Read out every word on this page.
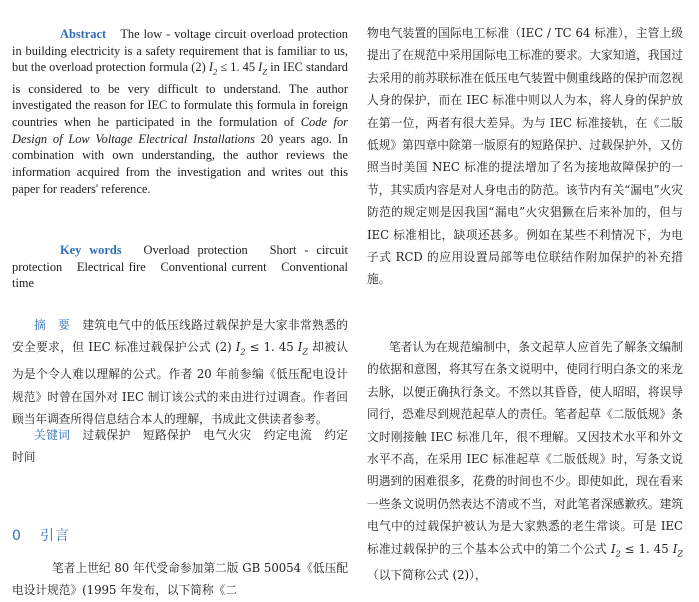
Abstract　 The low - voltage circuit overload protection in building electricity is a safety requirement that is familiar to us, but the overload protection formula (2) $I_2 \le 1$. 45 $I_Z$ in IEC standard is considered to be very difficult to understand. The author investigated the reason for IEC to formulate this formula in foreign countries when he participated in the formulation of Code for Design of Low Voltage Electrical Installations 20 years ago. In combination with own understanding, the author reviews the information acquired from the investigation and writes out this paper for readers' reference.

Key words　 Overload protection　Short - circuit protection　Electrical fire　Conventional current　Conventional time

摘　要　 建筑电气中的低压线路过载保护是大家非常熟悉的安全要求，但 IEC 标准过载保护公式 (2) $I_2 \le 1$. 45 $I_Z$ 却被认为是个令人难以理解的公式。作者 20 年前参编《低压配电设计规范》时曾在国外对 IEC 制订该公式的来由进行过调查。作者回顾当年调查所得信息结合本人的理解，书成此文供读者参考。

关键词　 过载保护　短路保护　电气火灾　约定电流　约定时间

0 引言

笔者上世纪 80 年代受命参加第二版 GB 50054《低压配电设计规范》(1995 年发布，以下简称《二

物电气装置的国际电工标准（IEC / TC 64 标准），主管上级提出了在规范中采用国际电工标准的要求。大家知道，我国过去采用的前苏联标准在低压电气装置中侧重线路的保护而忽视人身的保护，而在 IEC 标准中则以人为本，将人身的保护放在第一位，两者有很大差异。为与 IEC 标准接轨，在《二版低规》第四章中除第一版原有的短路保护、过载保护外，又仿照当时美国 NEC 标准的提法增加了名为接地故障保护的一节，其实质内容是对人身电击的防范。该节内有关“漏电”火灾防范的规定则是因我国“漏电”火灾猖獗在后来补加的，但与 IEC 标准相比，缺项还甚多。例如在某些不利情况下，为电子式 RCD 的应用设置局部等电位联结作附加保护的补充措施。

笔者认为在规范编制中，条文起草人应首先了解条文编制的依据和意图，将其写在条文说明中，使同行明白条文的来龙去脉，以便正确执行条文。不然以其昏昏，使人昭昭，将误导同行，恐难尽到规范起草人的责任。笔者起草《二版低规》条文时刚接触 IEC 标准几年，很不理解。又因技术水平和外文水平不高，在采用 IEC 标准起草《二版低规》时，写条文说明遇到的困难很多，花费的时间也不少。即使如此，现在看来一些条文说明仍然表达不清或不当，对此笔者深感歉疚。建筑电气中的过载保护被认为是大家熟悉的老生常谈。可是 IEC 标准过载保护的三个基本公式中的第二个公式 $I_2 \le 1$. 45 $I_Z$（以下简称公式 (2)），
